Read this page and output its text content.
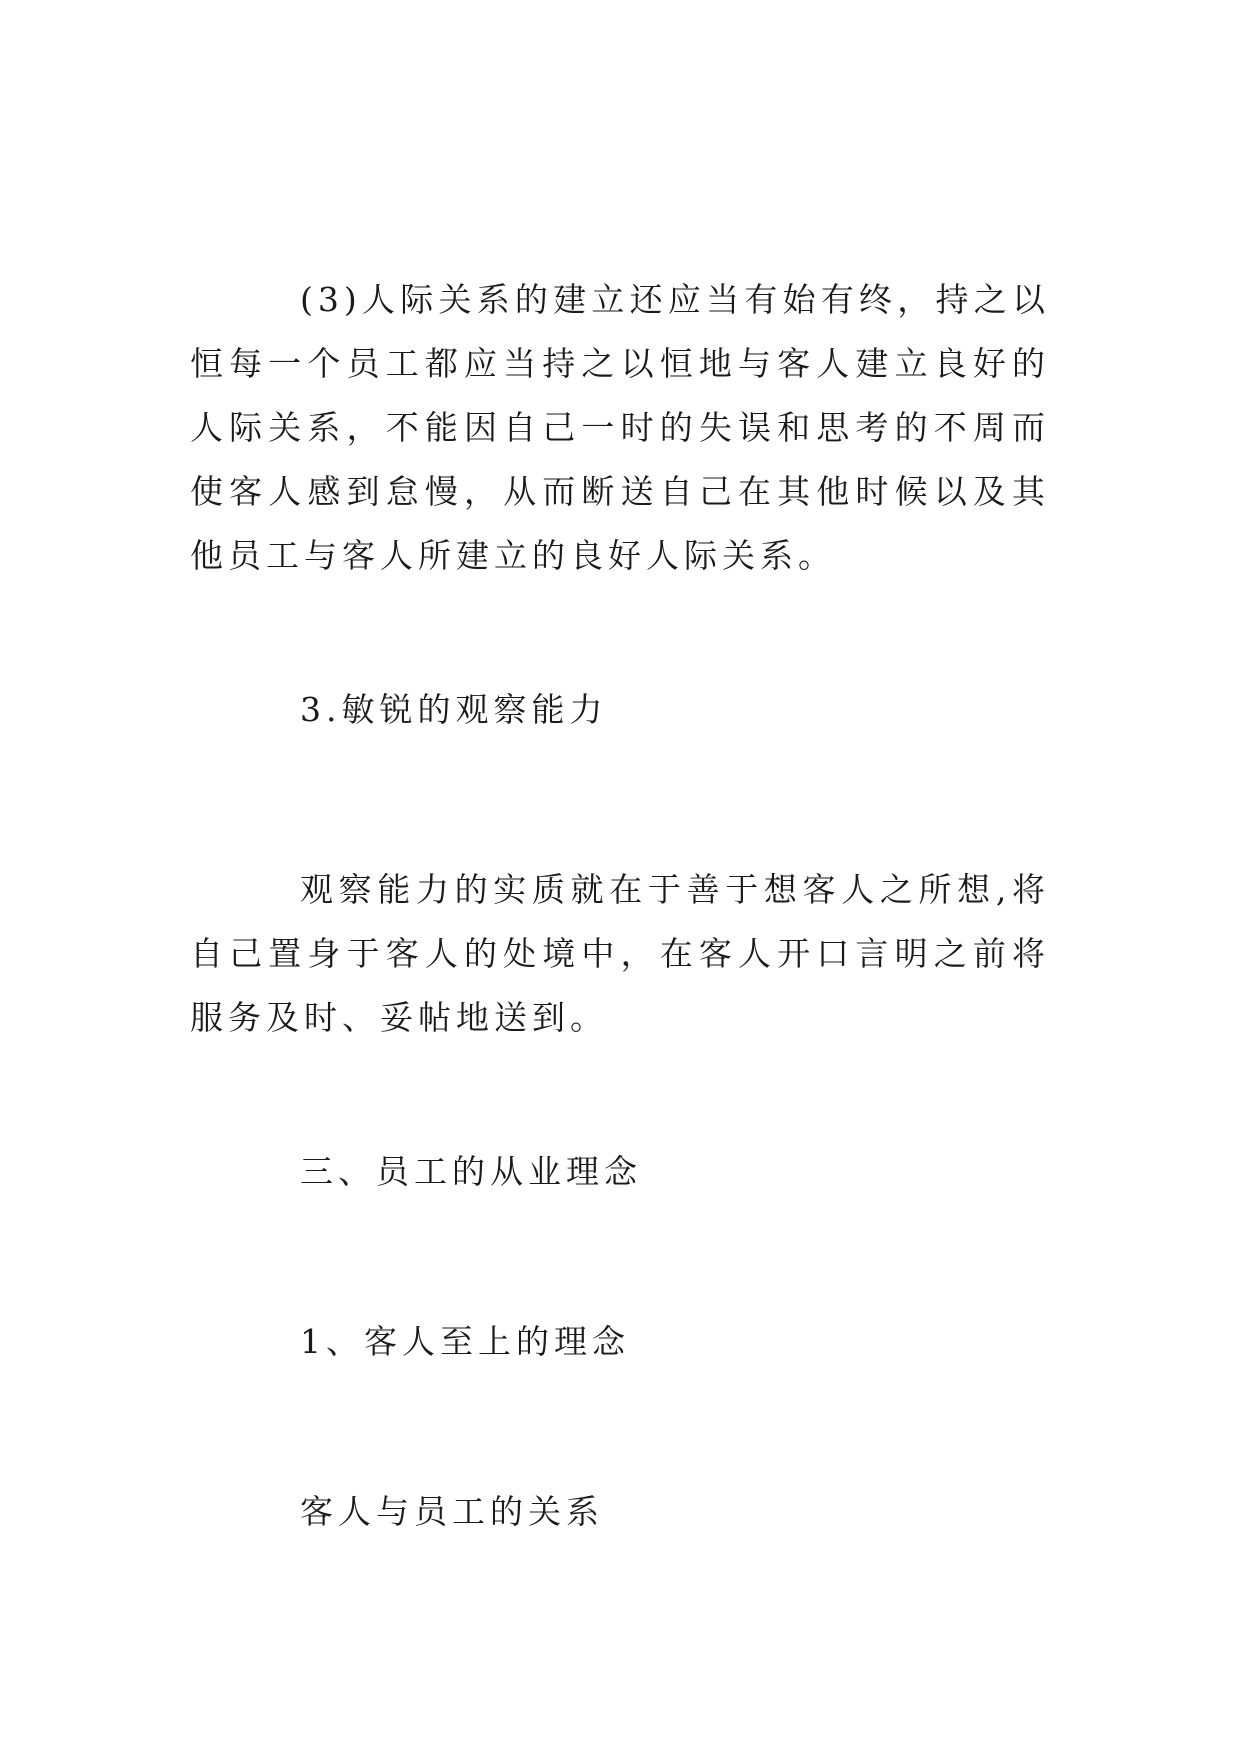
(3)人际关系的建立还应当有始有终，持之以恒每一个员工都应当持之以恒地与客人建立良好的人际关系，不能因自己一时的失误和思考的不周而使客人感到怠慢，从而断送自己在其他时候以及其他员工与客人所建立的良好人际关系。

3.敏锐的观察能力

观察能力的实质就在于善于想客人之所想,将自己置身于客人的处境中，在客人开口言明之前将服务及时、妥帖地送到。

三、员工的从业理念

1、客人至上的理念

客人与员工的关系
